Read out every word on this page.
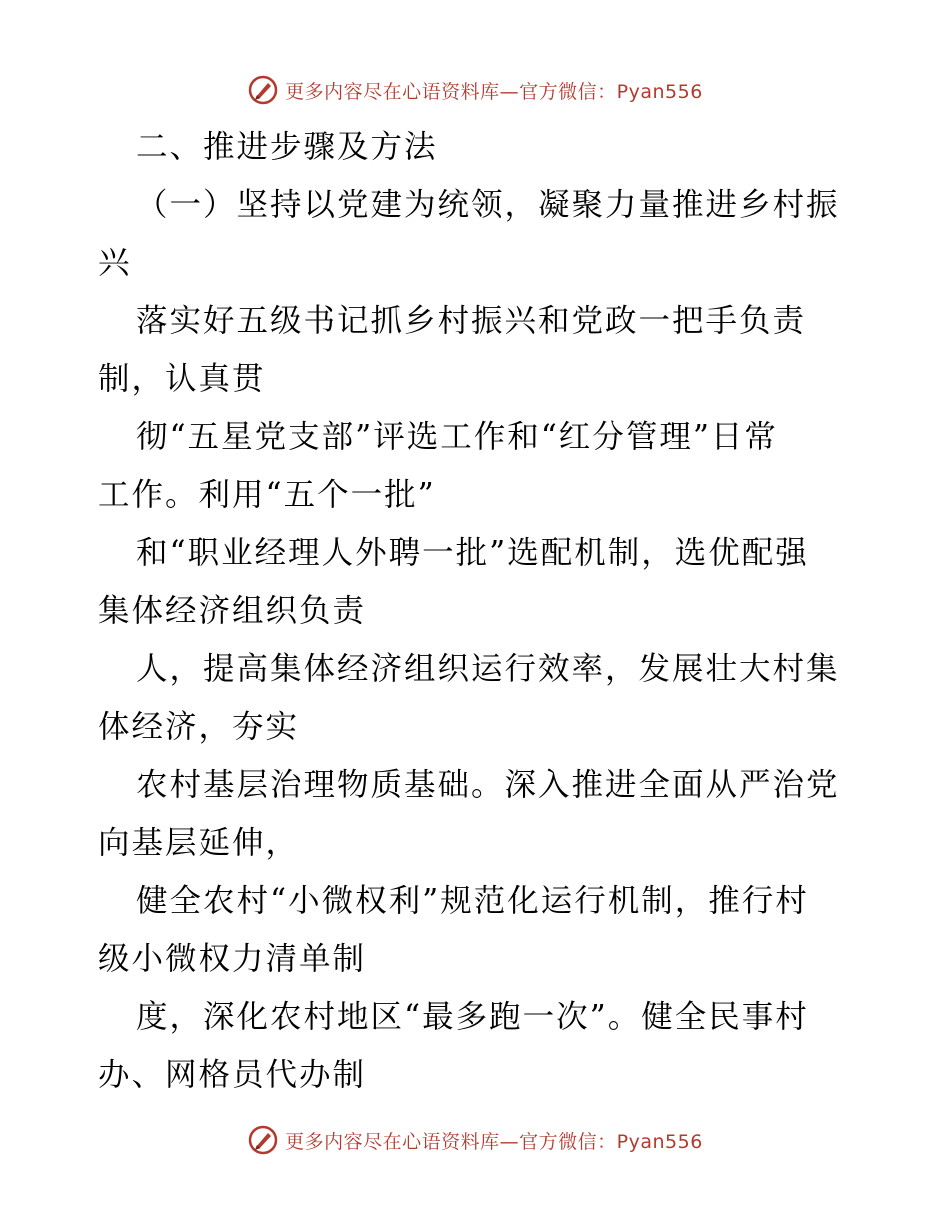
更多内容尽在心语资料库—官方微信：Pyan556
二、推进步骤及方法
（一）坚持以党建为统领，凝聚力量推进乡村振
兴
落实好五级书记抓乡村振兴和党政一把手负责
制，认真贯
彻“五星党支部”评选工作和“红分管理”日常
工作。利用“五个一批”
和“职业经理人外聘一批”选配机制，选优配强
集体经济组织负责
人，提高集体经济组织运行效率，发展壮大村集
体经济，夯实
农村基层治理物质基础。深入推进全面从严治党
向基层延伸，
健全农村“小微权利”规范化运行机制，推行村
级小微权力清单制
度，深化农村地区“最多跑一次”。健全民事村
办、网格员代办制
更多内容尽在心语资料库—官方微信：Pyan556
